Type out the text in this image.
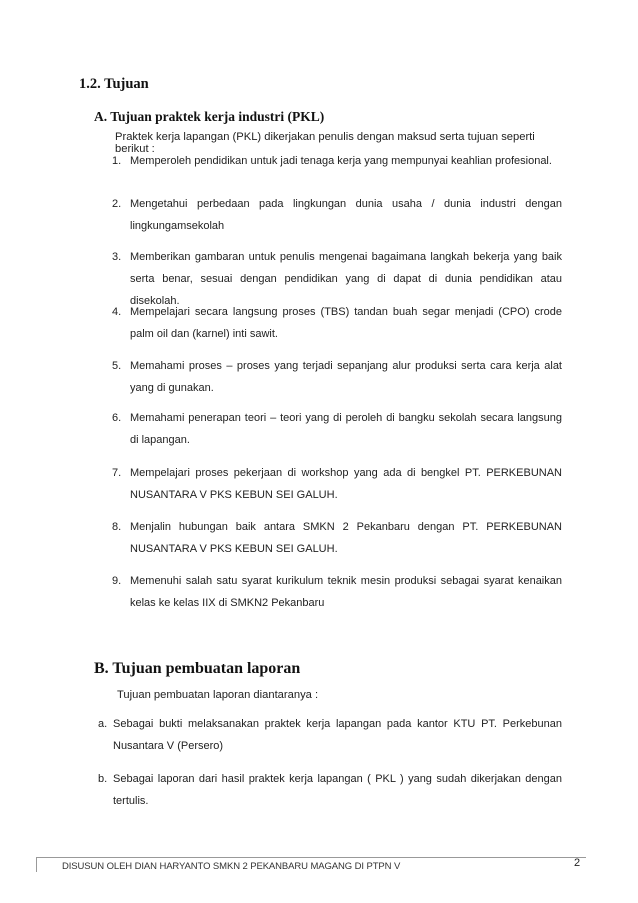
1.2. Tujuan
A. Tujuan praktek kerja industri (PKL)
Praktek kerja lapangan (PKL) dikerjakan penulis dengan maksud serta tujuan seperti berikut :
1. Memperoleh pendidikan untuk jadi tenaga kerja yang mempunyai keahlian profesional.
2. Mengetahui perbedaan pada lingkungan dunia usaha / dunia industri dengan lingkungamsekolah
3. Memberikan gambaran untuk penulis mengenai bagaimana langkah bekerja yang baik serta benar, sesuai dengan pendidikan yang di dapat di dunia pendidikan atau disekolah.
4. Mempelajari secara langsung proses (TBS) tandan buah segar menjadi (CPO) crode palm oil dan (karnel) inti sawit.
5. Memahami proses – proses yang terjadi sepanjang alur produksi serta cara kerja alat yang di gunakan.
6. Memahami penerapan teori – teori yang di peroleh di bangku sekolah secara langsung di lapangan.
7. Mempelajari proses pekerjaan di workshop yang ada di bengkel PT. PERKEBUNAN NUSANTARA V PKS KEBUN SEI GALUH.
8. Menjalin hubungan baik antara SMKN 2 Pekanbaru dengan PT. PERKEBUNAN NUSANTARA V PKS KEBUN SEI GALUH.
9. Memenuhi salah satu syarat kurikulum teknik mesin produksi sebagai syarat kenaikan kelas ke kelas IIX di SMKN2 Pekanbaru
B. Tujuan pembuatan laporan
Tujuan pembuatan laporan diantaranya :
a. Sebagai bukti melaksanakan praktek kerja lapangan pada kantor KTU PT. Perkebunan Nusantara V (Persero)
b. Sebagai laporan dari hasil praktek kerja lapangan ( PKL ) yang sudah dikerjakan dengan tertulis.
DISUSUN OLEH DIAN HARYANTO SMKN 2 PEKANBARU MAGANG DI PTPN V	2
